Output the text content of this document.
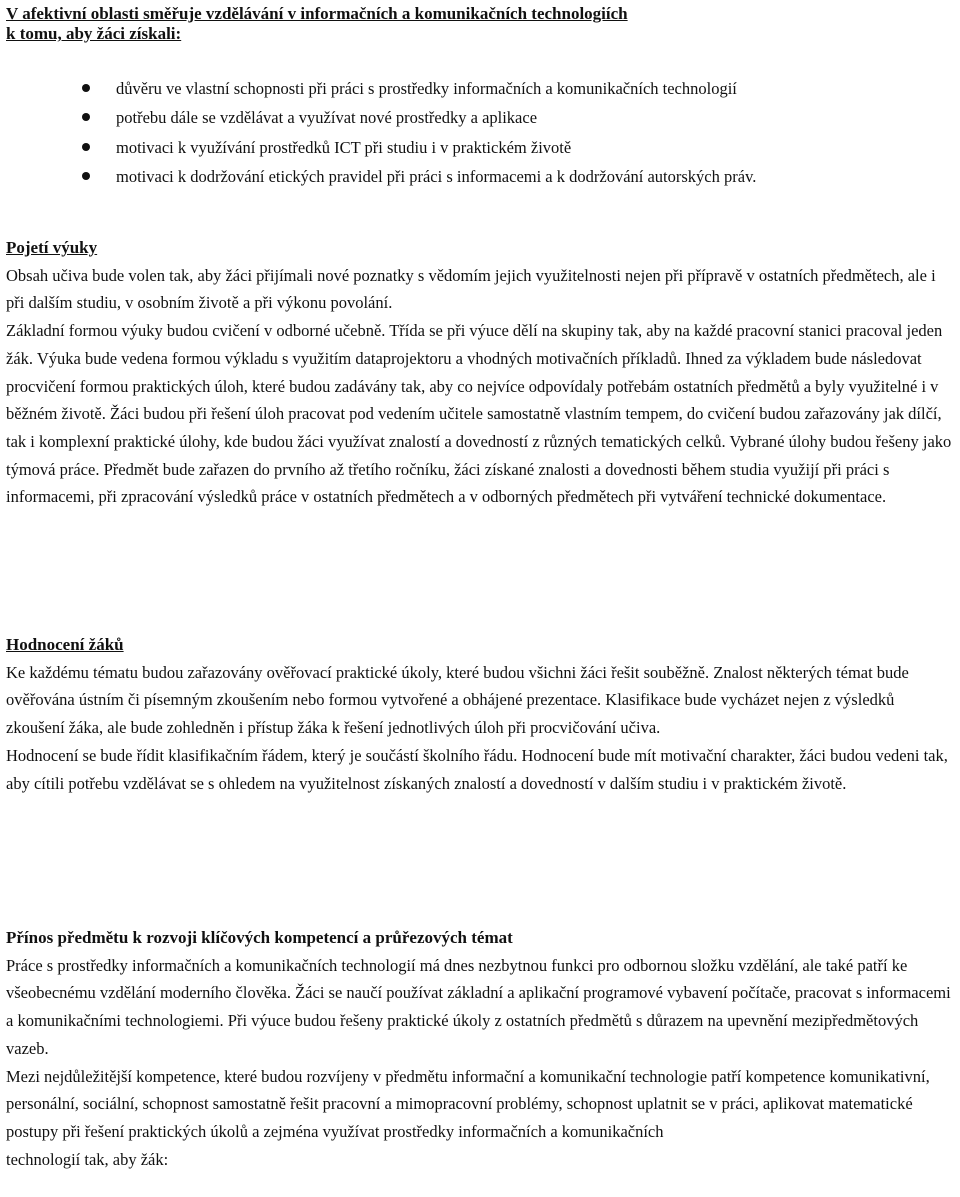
V afektivní oblasti směřuje vzdělávání v informačních a komunikačních technologiích
k tomu, aby žáci získali:
důvěru ve vlastní schopnosti při práci s prostředky informačních a komunikačních technologií
potřebu dále se vzdělávat a využívat nové prostředky a aplikace
motivaci k využívání prostředků ICT při studiu i v praktickém životě
motivaci k dodržování etických pravidel při práci s informacemi a k dodržování autorských práv.
Pojetí výuky

Obsah učiva bude volen tak, aby žáci přijímali nové poznatky s vědomím jejich využitelnosti nejen při přípravě v ostatních předmětech, ale i při dalším studiu, v osobním životě a při výkonu povolání.

Základní formou výuky budou cvičení v odborné učebně. Třída se při výuce dělí na skupiny tak, aby na každé pracovní stanici pracoval jeden žák. Výuka bude vedena formou výkladu s využitím dataprojektoru a vhodných motivačních příkladů. Ihned za výkladem bude následovat procvičení formou praktických úloh, které budou zadávány tak, aby co nejvíce odpovídaly potřebám ostatních předmětů a byly využitelné i v běžném životě. Žáci budou při řešení úloh pracovat pod vedením učitele samostatně vlastním tempem, do cvičení budou zařazovány jak dílčí, tak i komplexní praktické úlohy, kde budou žáci využívat znalostí a dovedností z různých tematických celků. Vybrané úlohy budou řešeny jako týmová práce. Předmět bude zařazen do prvního až třetího ročníku, žáci získané znalosti a dovednosti během studia využijí při práci s informacemi, při zpracování výsledků práce v ostatních předmětech a v odborných předmětech při vytváření technické dokumentace.

Hodnocení žáků

Ke každému tématu budou zařazovány ověřovací praktické úkoly, které budou všichni žáci řešit souběžně. Znalost některých témat bude ověřována ústním či písemným zkoušením nebo formou vytvořené a obhájené prezentace. Klasifikace bude vycházet nejen z výsledků zkoušení žáka, ale bude zohledněn i přístup žáka k řešení jednotlivých úloh při procvičování učiva.

Hodnocení se bude řídit klasifikačním řádem, který je součástí školního řádu. Hodnocení bude mít motivační charakter, žáci budou vedeni tak, aby cítili potřebu vzdělávat se s ohledem na využitelnost získaných znalostí a dovedností v dalším studiu i v praktickém životě.

Přínos předmětu k rozvoji klíčových kompetencí a průřezových témat

Práce s prostředky informačních a komunikačních technologií má dnes nezbytnou funkci pro odbornou složku vzdělání, ale také patří ke všeobecnému vzdělání moderního člověka. Žáci se naučí používat základní a aplikační programové vybavení počítače, pracovat s informacemi a komunikačními technologiemi. Při výuce budou řešeny praktické úkoly z ostatních předmětů s důrazem na upevnění mezipředmětových vazeb.

Mezi nejdůležitější kompetence, které budou rozvíjeny v předmětu informační a komunikační technologie patří kompetence komunikativní, personální, sociální, schopnost samostatně řešit pracovní a mimopracovní problémy, schopnost uplatnit se v práci, aplikovat matematické postupy při řešení praktických úkolů a zejména využívat prostředky informačních a komunikačních

technologií tak, aby žák:
